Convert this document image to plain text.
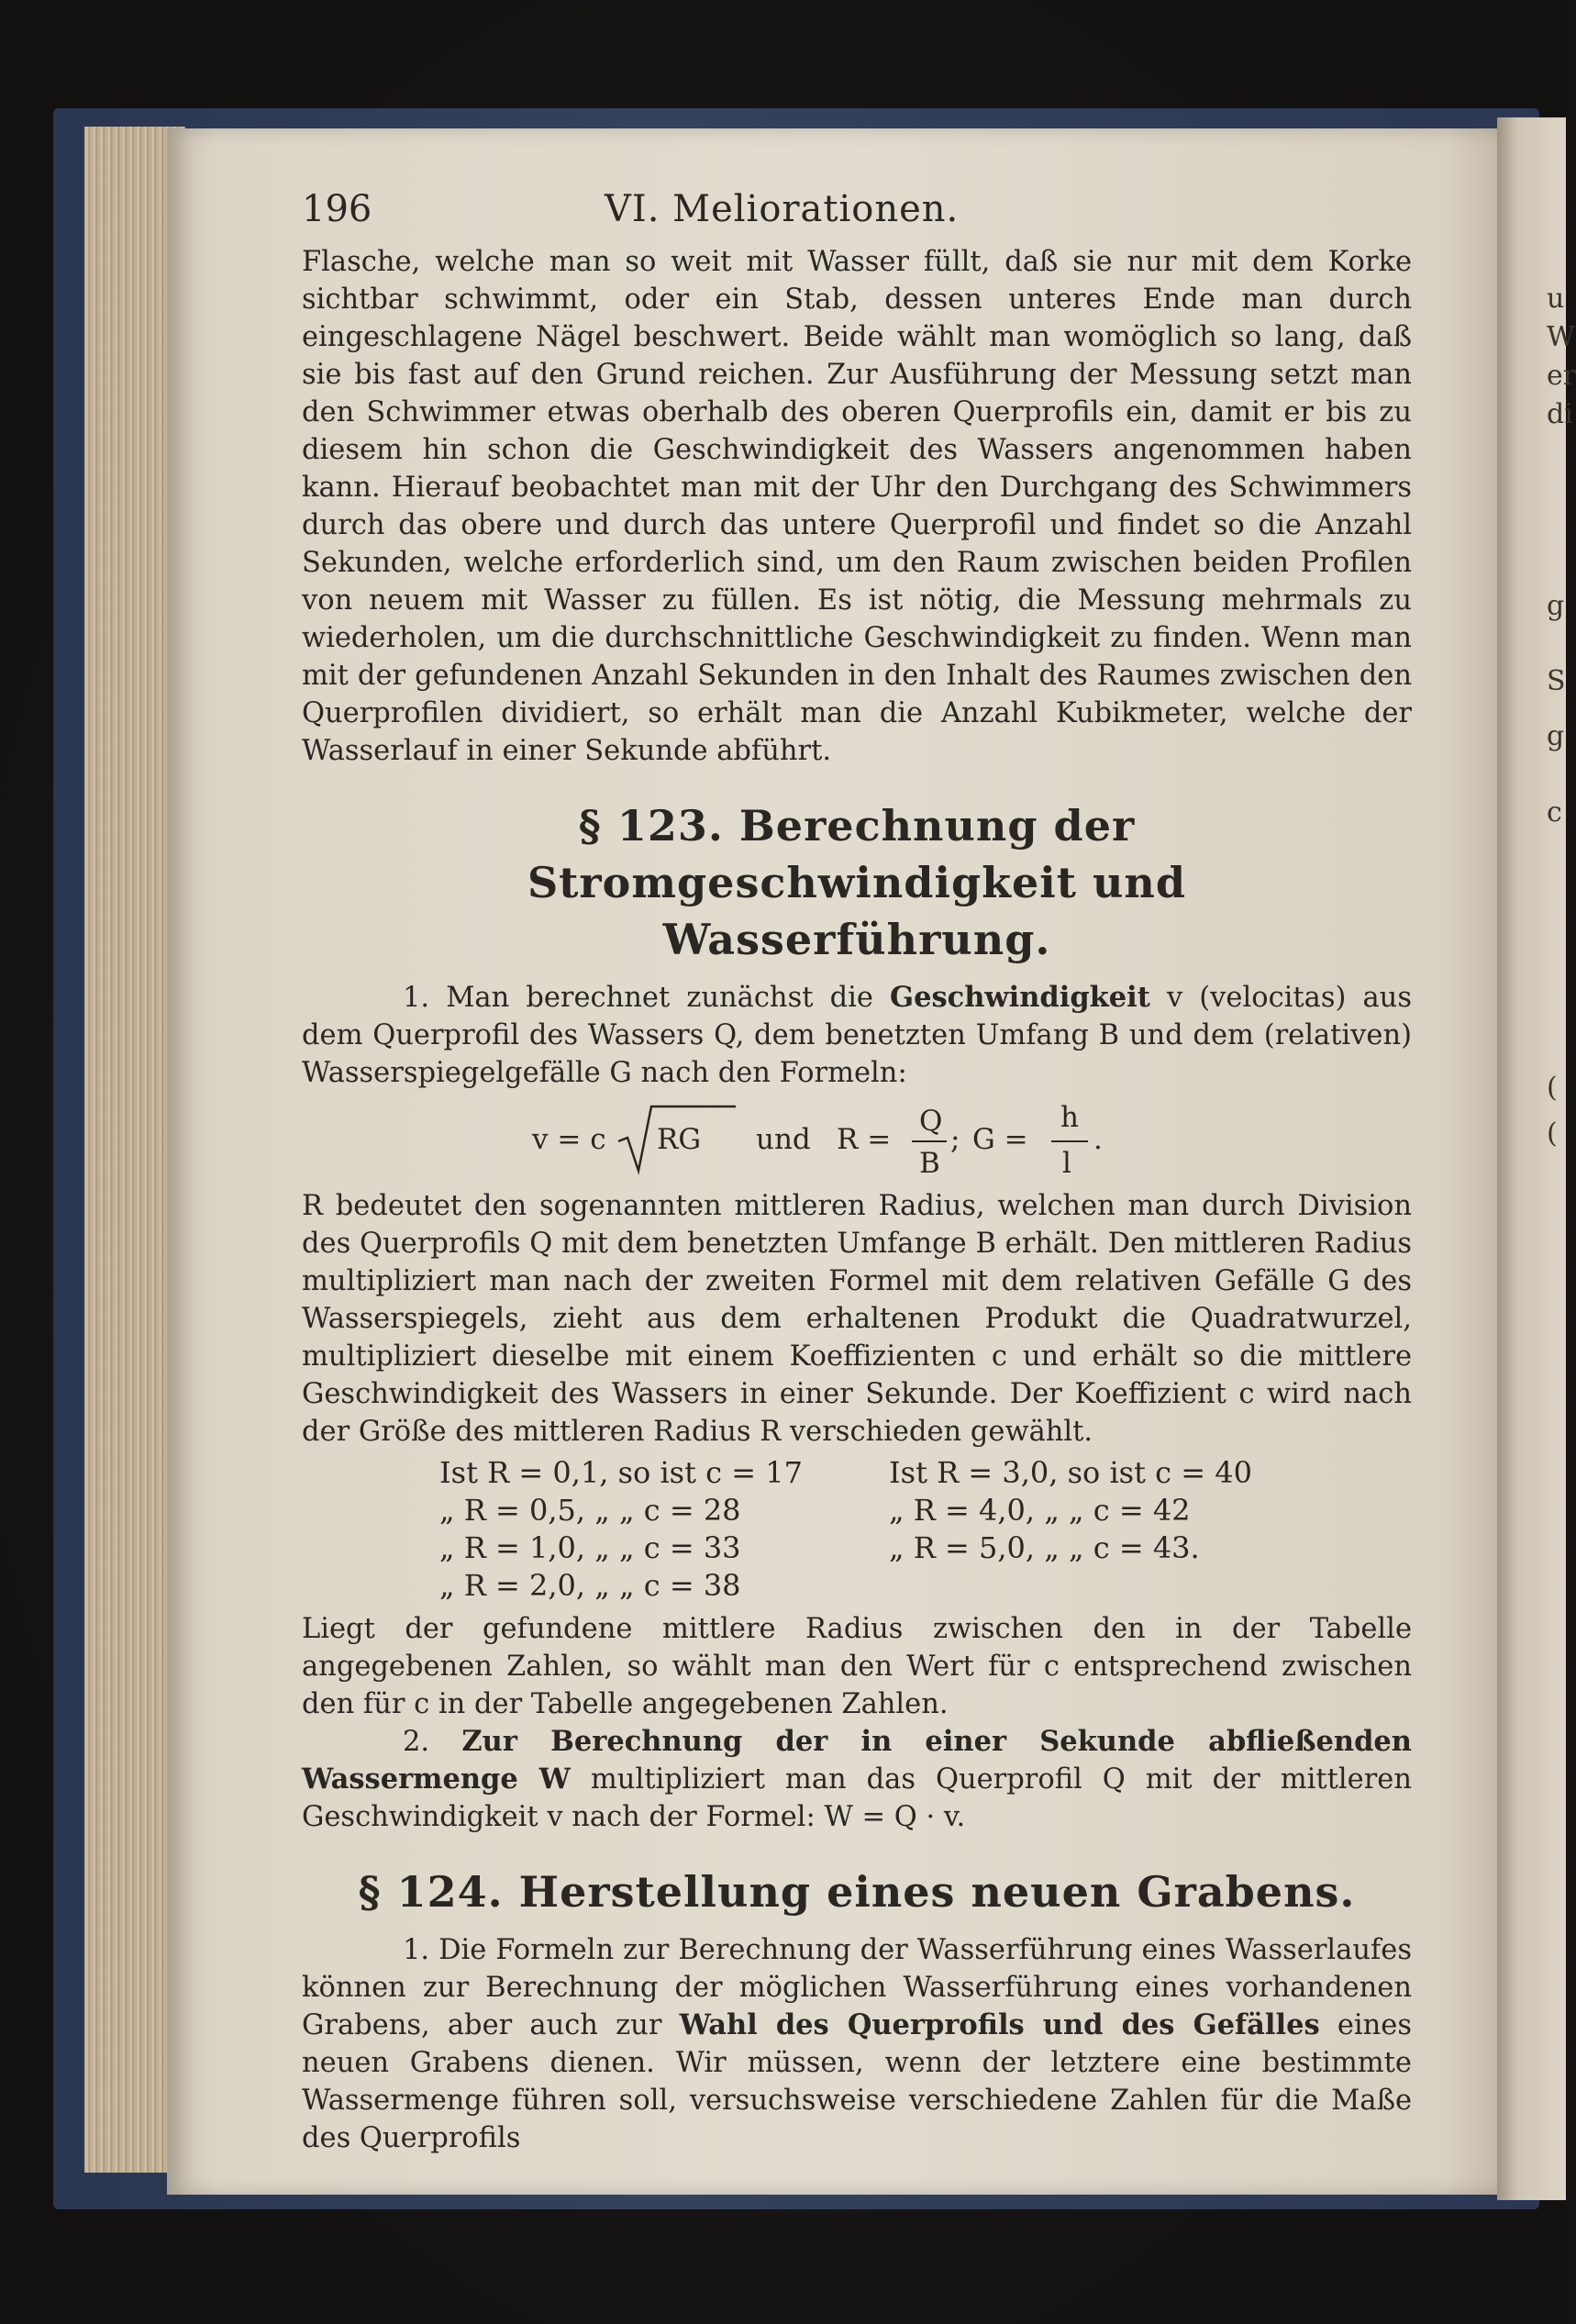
u
W
er
di
g
S
g
c
(
(
196	VI. Meliorationen.

Flasche, welche man so weit mit Wasser füllt, daß sie nur mit dem Korke sichtbar schwimmt, oder ein Stab, dessen unteres Ende man durch eingeschlagene Nägel beschwert. Beide wählt man womöglich so lang, daß sie bis fast auf den Grund reichen. Zur Ausführung der Messung setzt man den Schwimmer etwas oberhalb des oberen Querprofils ein, damit er bis zu diesem hin schon die Geschwindigkeit des Wassers angenommen haben kann. Hierauf beobachtet man mit der Uhr den Durchgang des Schwimmers durch das obere und durch das untere Querprofil und findet so die Anzahl Sekunden, welche erforderlich sind, um den Raum zwischen beiden Profilen von neuem mit Wasser zu füllen. Es ist nötig, die Messung mehrmals zu wiederholen, um die durchschnittliche Geschwindigkeit zu finden. Wenn man mit der gefundenen Anzahl Sekunden in den Inhalt des Raumes zwischen den Querprofilen dividiert, so erhält man die Anzahl Kubikmeter, welche der Wasserlauf in einer Sekunde abführt.

§ 123. Berechnung der Stromgeschwindigkeit und
Wasserführung.

1. Man berechnet zunächst die Geschwindigkeit v (velocitas) aus dem Querprofil des Wassers Q, dem benetzten Umfang B und dem (relativen) Wasserspiegelgefälle G nach den Formeln:

v = c RG und R =
Q
B
; G =
h
l
.

R bedeutet den sogenannten mittleren Radius, welchen man durch Division des Querprofils Q mit dem benetzten Umfange B erhält. Den mittleren Radius multipliziert man nach der zweiten Formel mit dem relativen Gefälle G des Wasserspiegels, zieht aus dem erhaltenen Produkt die Quadratwurzel, multipliziert dieselbe mit einem Koeffizienten c und erhält so die mittlere Geschwindigkeit des Wassers in einer Sekunde. Der Koeffizient c wird nach der Größe des mittleren Radius R verschieden gewählt.

Ist R = 0,1, so ist c = 17
„ R = 0,5, „ „ c = 28
„ R = 1,0, „ „ c = 33
„ R = 2,0, „ „ c = 38
Ist R = 3,0, so ist c = 40
„ R = 4,0, „ „ c = 42
„ R = 5,0, „ „ c = 43.

Liegt der gefundene mittlere Radius zwischen den in der Tabelle angegebenen Zahlen, so wählt man den Wert für c entsprechend zwischen den für c in der Tabelle angegebenen Zahlen.

2. Zur Berechnung der in einer Sekunde abfließenden Wassermenge W multipliziert man das Querprofil Q mit der mittleren Geschwindigkeit v nach der Formel: W = Q · v.

§ 124. Herstellung eines neuen Grabens.

1. Die Formeln zur Berechnung der Wasserführung eines Wasserlaufes können zur Berechnung der möglichen Wasserführung eines vorhandenen Grabens, aber auch zur Wahl des Querprofils und des Gefälles eines neuen Grabens dienen. Wir müssen, wenn der letztere eine bestimmte Wassermenge führen soll, versuchsweise verschiedene Zahlen für die Maße des Querprofils
